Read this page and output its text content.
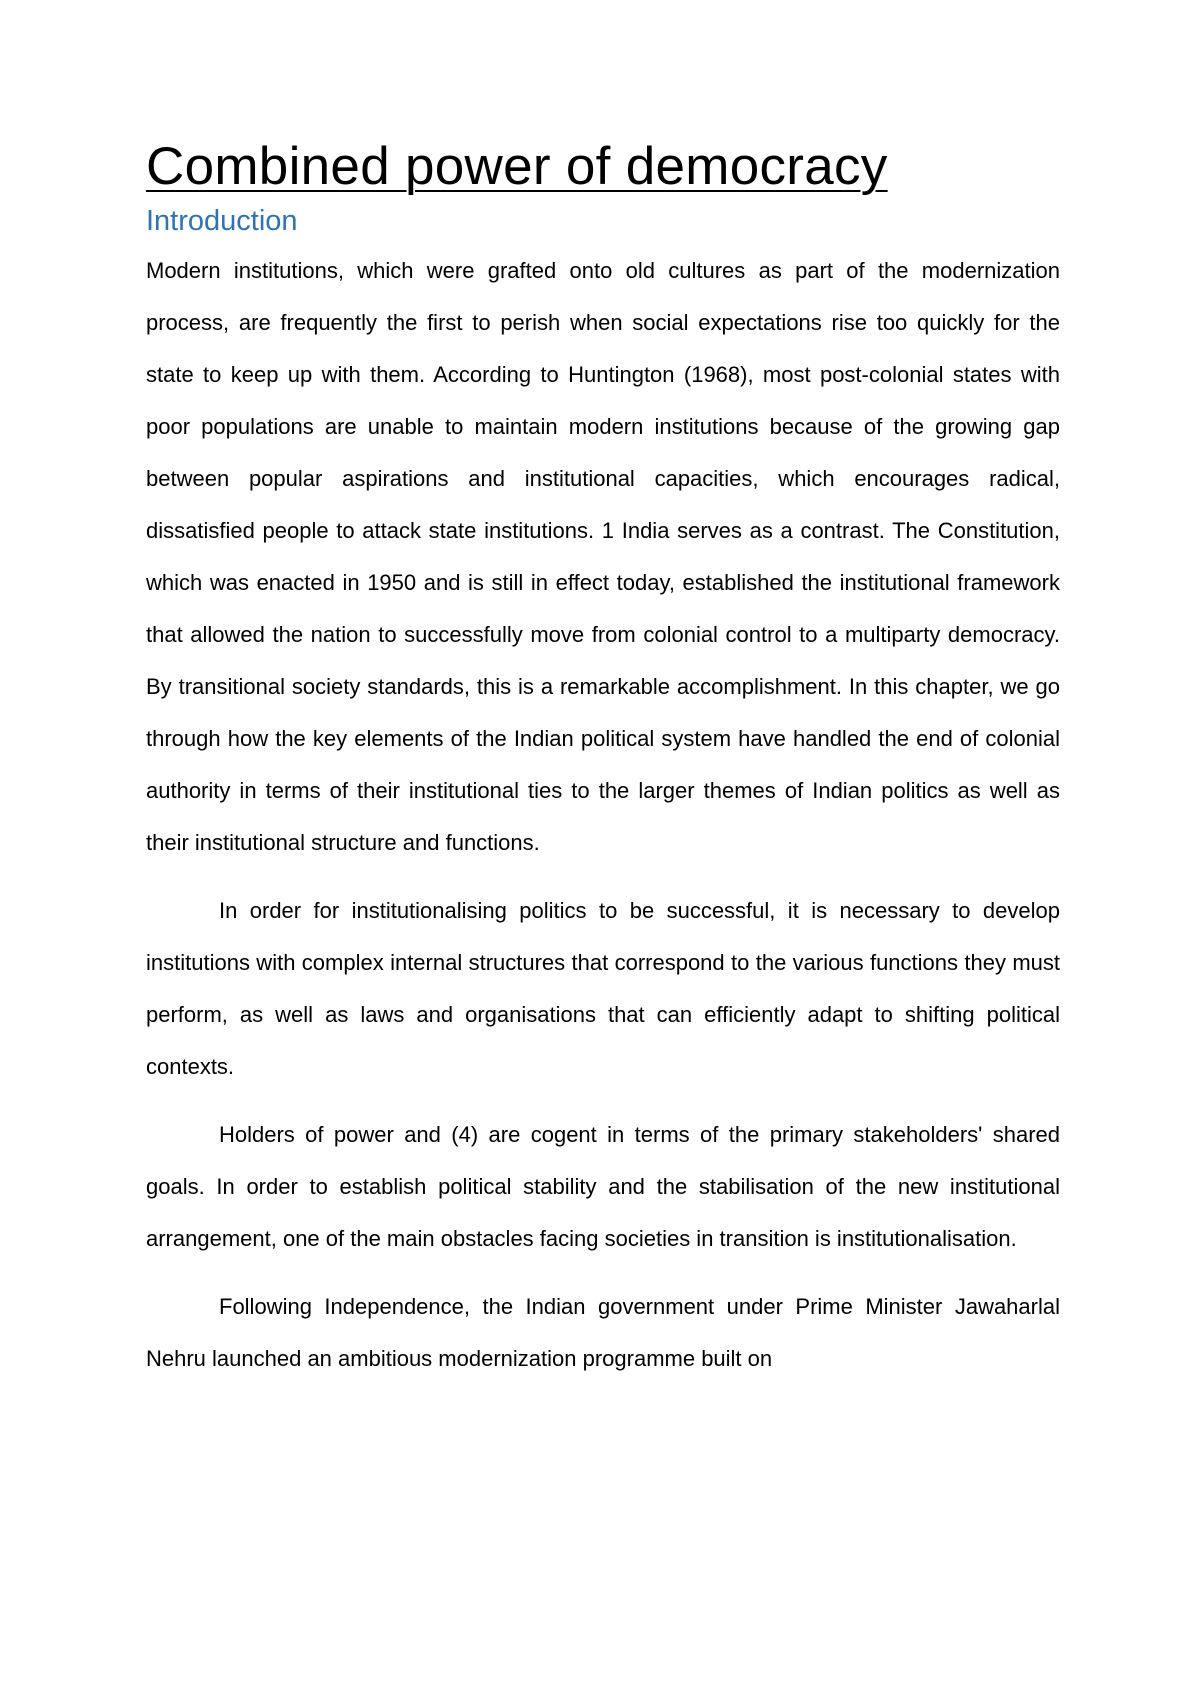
Combined power of democracy
Introduction

Modern institutions, which were grafted onto old cultures as part of the modernization process, are frequently the first to perish when social expectations rise too quickly for the state to keep up with them. According to Huntington (1968), most post-colonial states with poor populations are unable to maintain modern institutions because of the growing gap between popular aspirations and institutional capacities, which encourages radical, dissatisfied people to attack state institutions. 1 India serves as a contrast. The Constitution, which was enacted in 1950 and is still in effect today, established the institutional framework that allowed the nation to successfully move from colonial control to a multiparty democracy. By transitional society standards, this is a remarkable accomplishment. In this chapter, we go through how the key elements of the Indian political system have handled the end of colonial authority in terms of their institutional ties to the larger themes of Indian politics as well as their institutional structure and functions.

In order for institutionalising politics to be successful, it is necessary to develop institutions with complex internal structures that correspond to the various functions they must perform, as well as laws and organisations that can efficiently adapt to shifting political contexts.

Holders of power and (4) are cogent in terms of the primary stakeholders' shared goals. In order to establish political stability and the stabilisation of the new institutional arrangement, one of the main obstacles facing societies in transition is institutionalisation.

Following Independence, the Indian government under Prime Minister Jawaharlal Nehru launched an ambitious modernization programme built on
